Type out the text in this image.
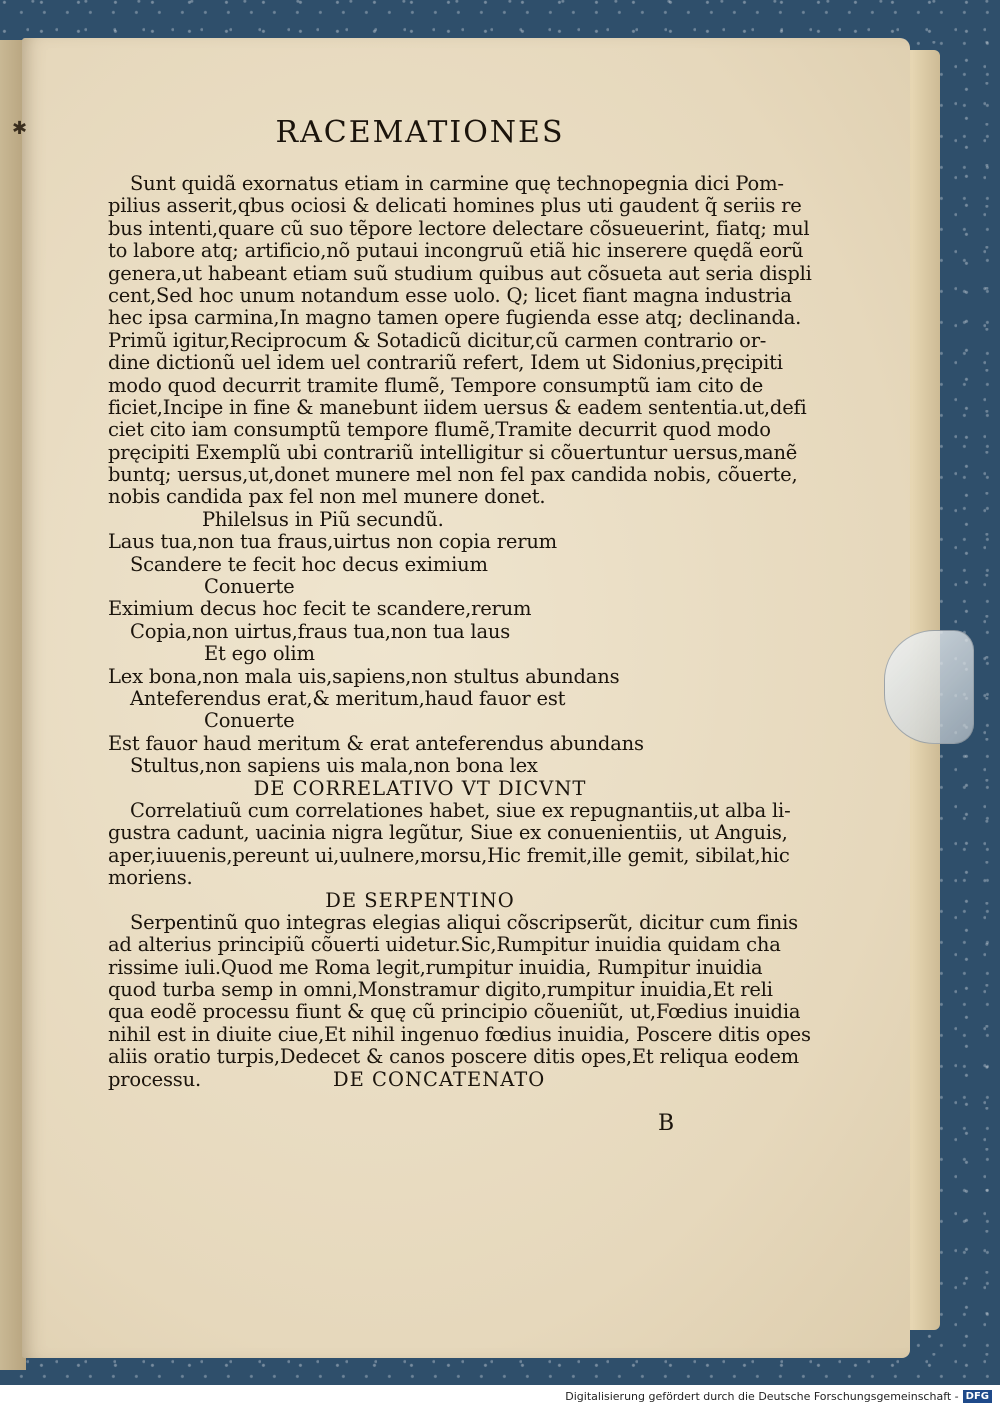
✱	RACEMATIONES
Sunt quidã exornatus etiam in carmine quę technopegnia dici Pom-
pilius asserit,qbus ociosi & delicati homines plus uti gaudent q̃ seriis re
bus intenti,quare cũ suo tẽpore lectore delectare cõsueuerint, fiatq; mul
to labore atq; artificio,nõ putaui incongruũ etiã hic inserere quędã eorũ
genera,ut habeant etiam suũ studium quibus aut cõsueta aut seria displi
cent,Sed hoc unum notandum esse uolo. Q; licet fiant magna industria
hec ipsa carmina,In magno tamen opere fugienda esse atq; declinanda.
Primũ igitur,Reciprocum & Sotadicũ dicitur,cũ carmen contrario or-
dine dictionũ uel idem uel contrariũ refert, Idem ut Sidonius,pręcipiti
modo quod decurrit tramite flumẽ, Tempore consumptũ iam cito de
ficiet,Incipe in fine & manebunt iidem uersus & eadem sententia.ut,defi
ciet cito iam consumptũ tempore flumẽ,Tramite decurrit quod modo
pręcipiti Exemplũ ubi contrariũ intelligitur si cõuertuntur uersus,manẽ
buntq; uersus,ut,donet munere mel non fel pax candida nobis, cõuerte,
nobis candida pax fel non mel munere donet.
Philelsus in Piũ secundũ.
Laus tua,non tua fraus,uirtus non copia rerum
Scandere te fecit hoc decus eximium
Conuerte
Eximium decus hoc fecit te scandere,rerum
Copia,non uirtus,fraus tua,non tua laus
Et ego olim
Lex bona,non mala uis,sapiens,non stultus abundans
Anteferendus erat,& meritum,haud fauor est
Conuerte
Est fauor haud meritum & erat anteferendus abundans
Stultus,non sapiens uis mala,non bona lex
DE CORRELATIVO VT DICVNT
Correlatiuũ cum correlationes habet, siue ex repugnantiis,ut alba li-
gustra cadunt, uacinia nigra legũtur, Siue ex conuenientiis, ut Anguis,
aper,iuuenis,pereunt ui,uulnere,morsu,Hic fremit,ille gemit, sibilat,hic
moriens.
DE SERPENTINO
Serpentinũ quo integras elegias aliqui cõscripserũt, dicitur cum finis
ad alterius principiũ cõuerti uidetur.Sic,Rumpitur inuidia quidam cha
rissime iuli.Quod me Roma legit,rumpitur inuidia, Rumpitur inuidia
quod turba semp in omni,Monstramur digito,rumpitur inuidia,Et reli
qua eodẽ processu fiunt & quę cũ principio cõueniũt, ut,Fœdius inuidia
nihil est in diuite ciue,Et nihil ingenuo fœdius inuidia, Poscere ditis opes
aliis oratio turpis,Dedecet & canos poscere ditis opes,Et reliqua eodem
processu.	DE CONCATENATO
B
Digitalisierung gefördert durch die Deutsche Forschungsgemeinschaft - DFG
